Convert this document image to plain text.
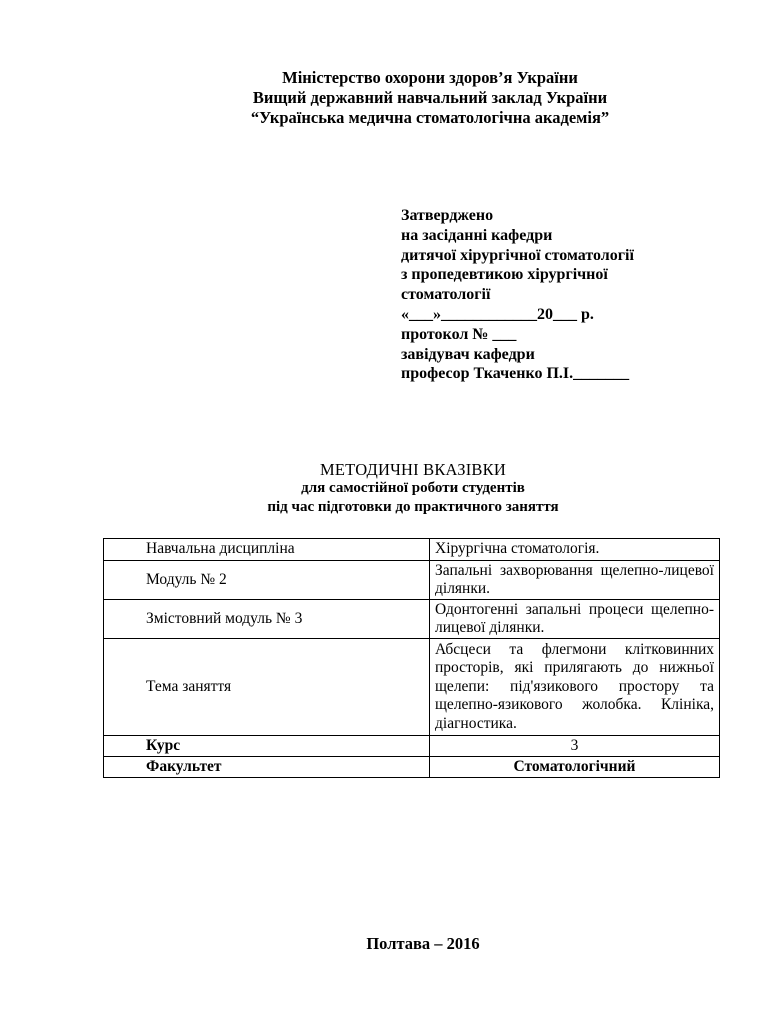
Міністерство охорони здоров’я України
Вищий державний навчальний заклад України
“Українська медична стоматологічна академія”
Затверджено
на засіданні кафедри
дитячої хірургічної стоматології
з пропедевтикою хірургічної
стоматології
«___»____________20___ р.
протокол № ___
завідувач кафедри
професор Ткаченко П.І._______
МЕТОДИЧНІ ВКАЗІВКИ
для самостійної роботи студентів
під час підготовки до практичного заняття
Навчальна дисципліна	Хірургічна стоматологія.
Модуль № 2	Запальні захворювання щелепно-лицевої ділянки.
Змістовний модуль № 3	Одонтогенні запальні процеси щелепно-лицевої ділянки.
Тема заняття	Абсцеси та флегмони клітковинних просторів, які прилягають до нижньої щелепи: під'язикового простору та щелепно-язикового жолобка. Клініка, діагностика.
Курс	3
Факультет	Стоматологічний
Полтава – 2016
